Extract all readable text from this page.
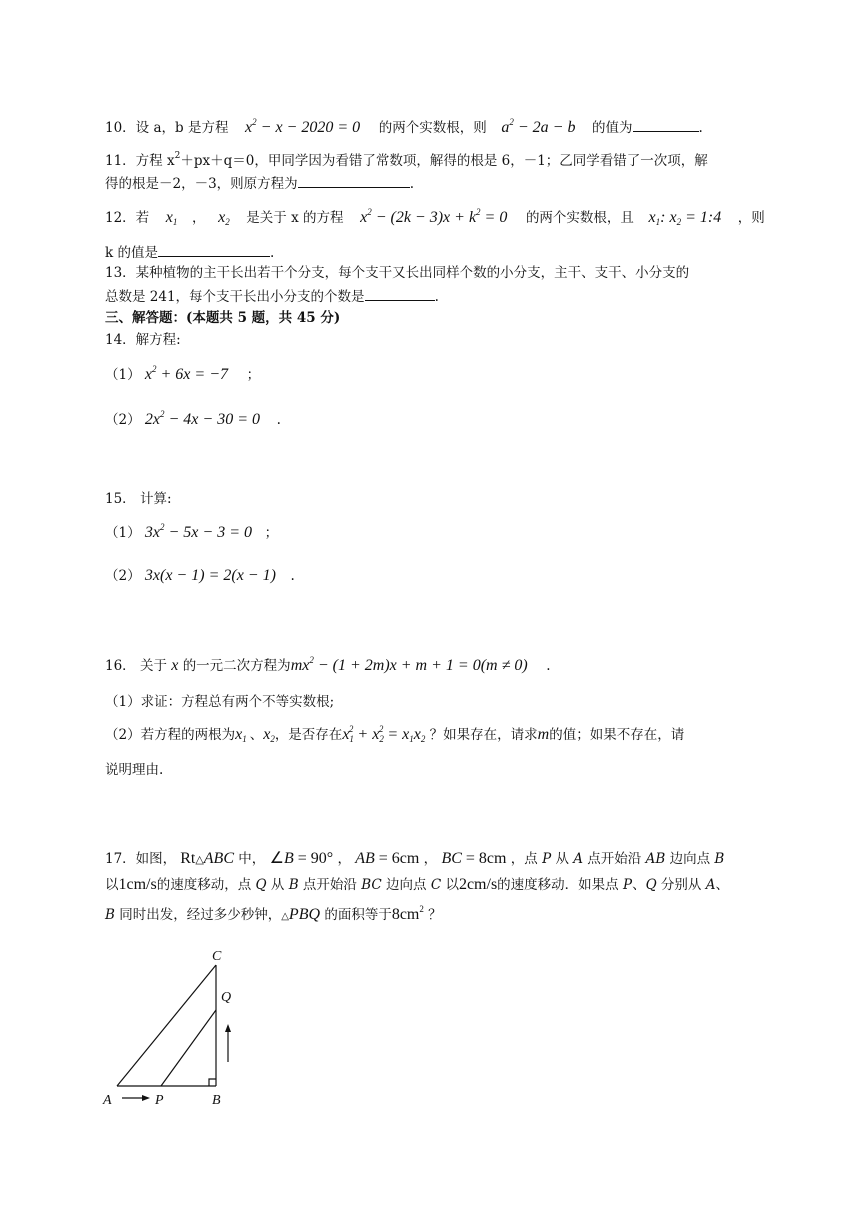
10．设 a，b 是方程 $x^2 - x - 2020 = 0$ 的两个实数根，则 $a^2 - 2a - b$ 的值为	.
11．方程 $x^2+px+q=0$，甲同学因为看错了常数项，解得的根是 6，－1；乙同学看错了一次项，解
得的根是－2，－3，则原方程为	.
12．若 $x_1$ ， $x_2$ 是关于 x 的方程 $x^2 - (2k - 3)x + k^2 = 0$ 的两个实数根，且 $x_1$: $x_2$ = 1:4 ，则
k 的值是	.
13．某种植物的主干长出若干个分支，每个支干又长出同样个数的小分支，主干、支干、小分支的
总数是 241，每个支干长出小分支的个数是	.
三、解答题：(本题共 5 题，共 45 分)
14．解方程:
（1） $x^2 + 6x = -7$ ；
（2） $2x^2 - 4x - 30 = 0$ .
15． 计算:
（1） $3x^2 - 5x - 3 = 0$ ；
（2） 3x(x − 1) = 2(x − 1) .
16． 关于 x 的一元二次方程为$mx^2 - (1 + 2m)x + m + 1 = 0(m \ne 0)$ .
（1）求证：方程总有两个不等实数根;
（2）若方程的两根为$x_1$ 、$x_2$，是否存在$x_1^2 + x_2^2 = x_1x_2$ ？如果存在，请求m的值；如果不存在，请
说明理由.
17．如图， Rt△ABC 中， ∠B = 90° ， AB = 6cm ， BC = 8cm ，点 P 从 A 点开始沿 AB 边向点 B
以1cm/s的速度移动，点 Q 从 B 点开始沿 BC 边向点 C 以2cm/s的速度移动．如果点 P、Q 分别从 A、
B 同时出发，经过多少秒钟，△PBQ 的面积等于$8cm^2$ ？
A	P	B
C
Q
